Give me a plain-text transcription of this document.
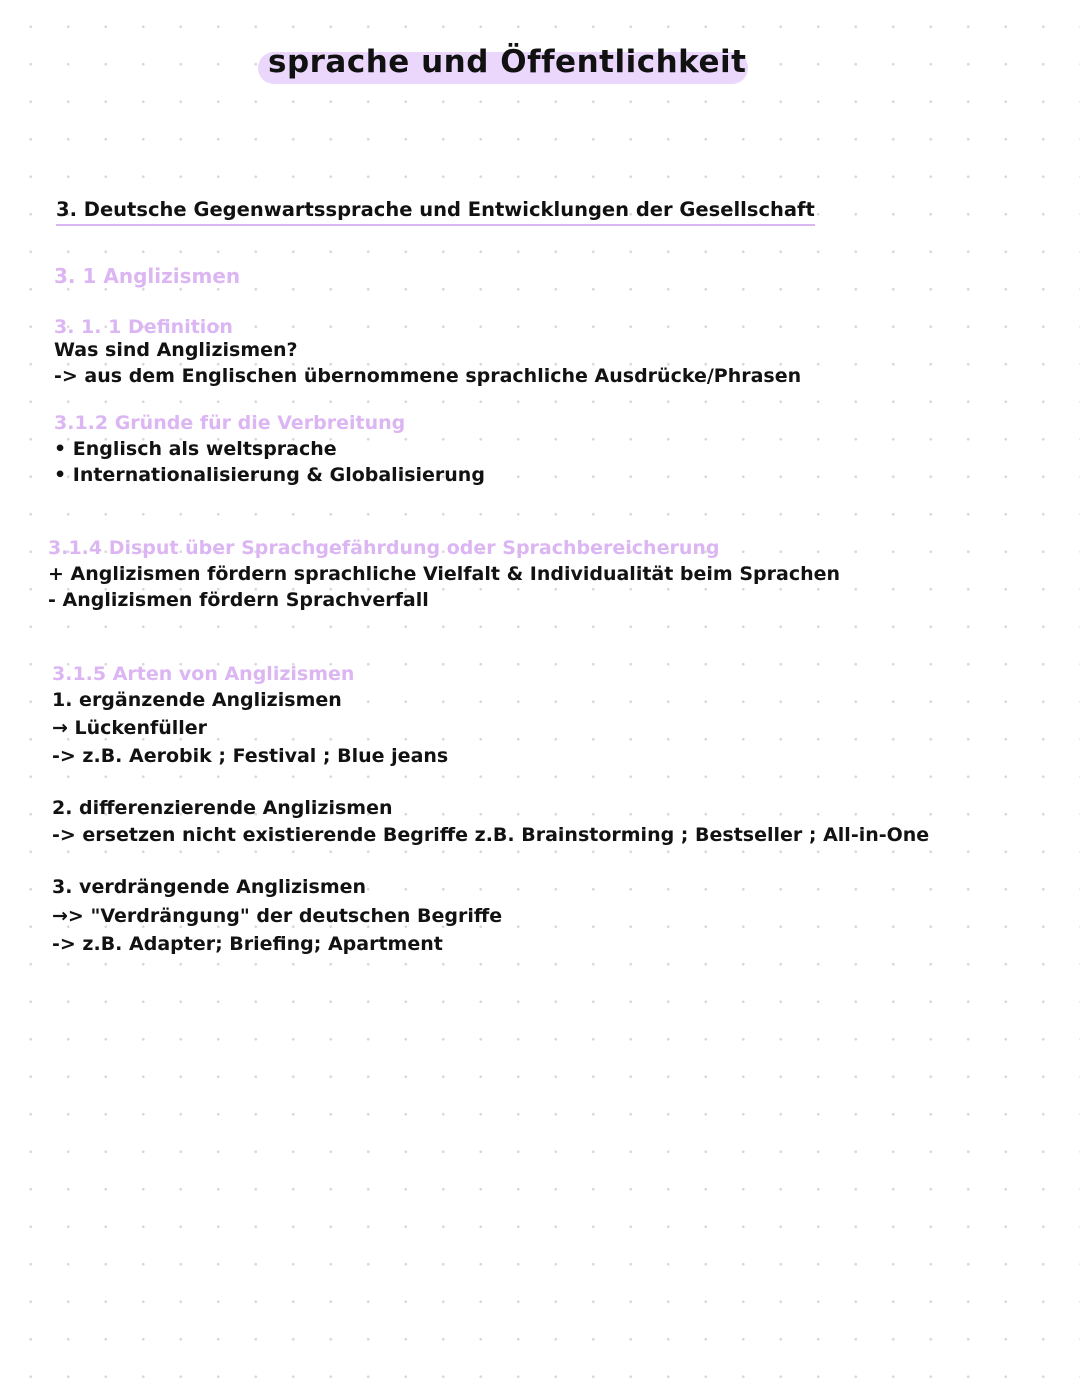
sprache und Öffentlichkeit
3. Deutsche Gegenwartssprache und Entwicklungen der Gesellschaft
3. 1 Anglizismen
3. 1. 1 Definition
Was sind Anglizismen?
-> aus dem Englischen übernommene sprachliche Ausdrücke/Phrasen
3.1.2 Gründe für die Verbreitung
• Englisch als weltsprache
• Internationalisierung & Globalisierung
3.1.4 Disput über Sprachgefährdung oder Sprachbereicherung
+ Anglizismen fördern sprachliche Vielfalt & Individualität beim Sprachen
- Anglizismen fördern Sprachverfall
3.1.5 Arten von Anglizismen
1. ergänzende Anglizismen
→ Lückenfüller
-> z.B. Aerobik ; Festival ; Blue jeans
2. differenzierende Anglizismen
-> ersetzen nicht existierende Begriffe z.B. Brainstorming ; Bestseller ; All-in-One
3. verdrängende Anglizismen
→> "Verdrängung" der deutschen Begriffe
-> z.B. Adapter; Briefing; Apartment
